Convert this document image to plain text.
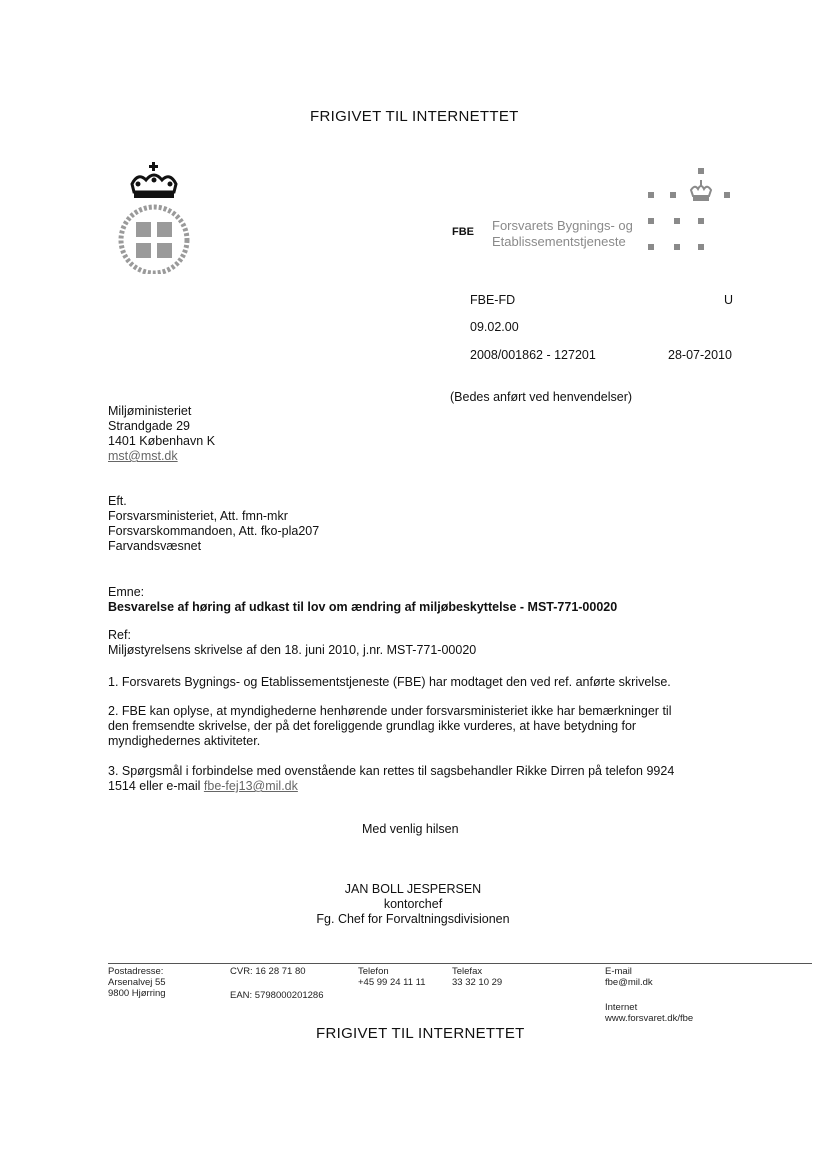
FRIGIVET TIL INTERNETTET
FBE Forsvarets Bygnings- og
Etablissementstjeneste
FBE-FD	U
09.02.00
2008/001862 - 127201	28-07-2010
(Bedes anført ved henvendelser)
Miljøministeriet
Strandgade 29
1401 København K
mst@mst.dk
Eft.
Forsvarsministeriet, Att. fmn-mkr
Forsvarskommandoen, Att. fko-pla207
Farvandsvæsnet
Emne:
Besvarelse af høring af udkast til lov om ændring af miljøbeskyttelse - MST-771-00020
Ref:
Miljøstyrelsens skrivelse af den 18. juni 2010, j.nr. MST-771-00020
1. Forsvarets Bygnings- og Etablissementstjeneste (FBE) har modtaget den ved ref. anførte skrivelse.
2. FBE kan oplyse, at myndighederne henhørende under forsvarsministeriet ikke har bemærkninger til
den fremsendte skrivelse, der på det foreliggende grundlag ikke vurderes, at have betydning for
myndighedernes aktiviteter.
3. Spørgsmål i forbindelse med ovenstående kan rettes til sagsbehandler Rikke Dirren på telefon 9924
1514 eller e-mail fbe-fej13@mil.dk
Med venlig hilsen
JAN BOLL JESPERSEN
kontorchef
Fg. Chef for Forvaltningsdivisionen
Postadresse:
Arsenalvej 55
9800 Hjørring
CVR: 16 28 71 80
EAN: 5798000201286
Telefon
+45 99 24 11 11
Telefax
33 32 10 29
E-mail
fbe@mil.dk
Internet
www.forsvaret.dk/fbe
FRIGIVET TIL INTERNETTET
